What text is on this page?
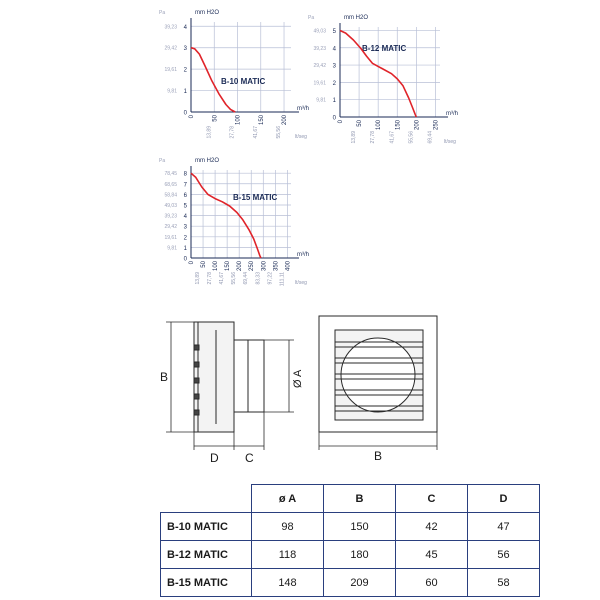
0
1
2
3
4
9,81
19,61
29,42
39,23
0	50	100	150	200
13,89	27,78	41,67	55,56
Pa	mm H2O
m³/h
lt/seg
B-10 MATIC
0
1
2
3
4
5
9,81
19,61
29,42
39,23
49,03
0 50 100 150 200 250
13,89	27,78	41,67	55,56	69,44
Pa	mm H2O
m³/h
lt/seg
B-12 MATIC
0
1
2
3
4
5
6
7
8
9,81
19,61
29,42
39,23
49,03
58,84
68,65
78,45
0 50 100 150 200 250 300 350 400
13,89 27,78 41,67 55,56 69,44 83,33 97,22 111,11
Pa	mm H2O
m³/h
lt/seg
B-15 MATIC
B
D C
Ø A
B
	ø A	B	C	D
B-10 MATIC	98	150	42	47
B-12 MATIC	118	180	45	56
B-15 MATIC	148	209	60	58
